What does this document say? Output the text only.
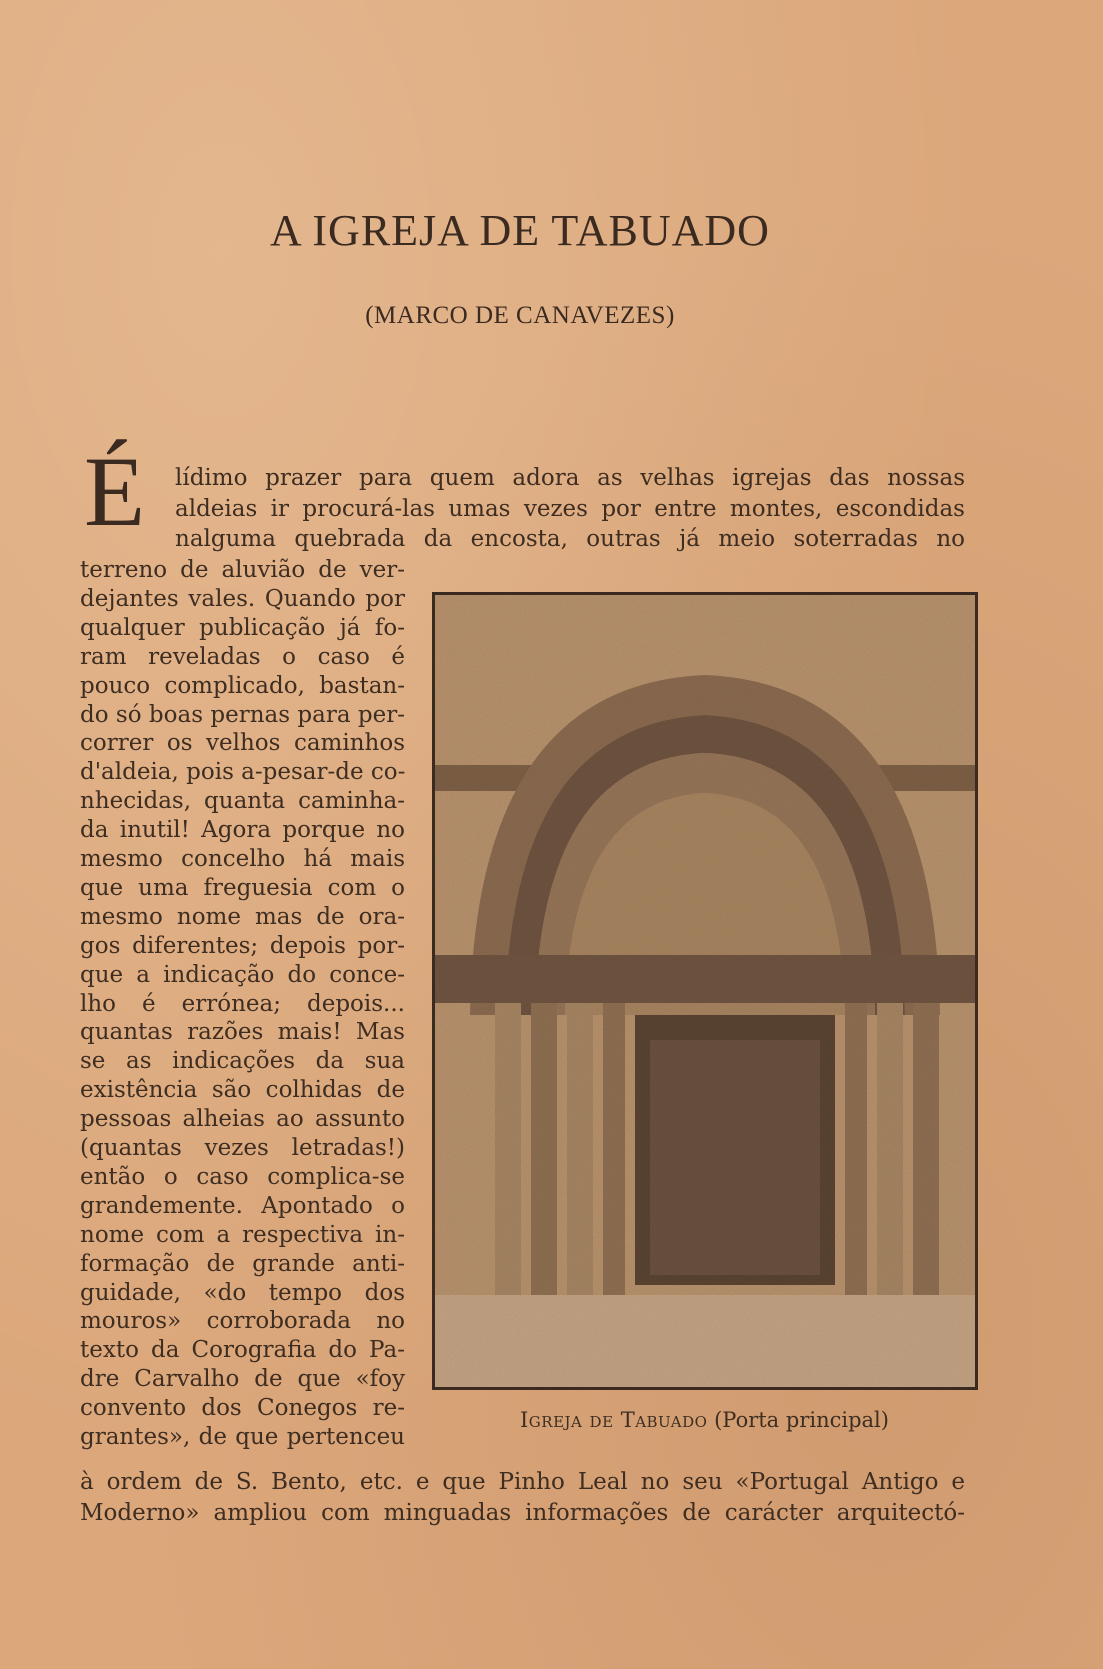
A IGREJA DE TABUADO
(MARCO DE CANAVEZES)
É lídimo prazer para quem adora as velhas igrejas das nossas
aldeias ir procurá-las umas vezes por entre montes, escondidas
nalguma quebrada da encosta, outras já meio soterradas no
terreno de aluvião de ver-
dejantes vales. Quando por
qualquer publicação já fo-
ram reveladas o caso é
pouco complicado, bastan-
do só boas pernas para per-
correr os velhos caminhos
d'aldeia, pois a-pesar-de co-
nhecidas, quanta caminha-
da inutil! Agora porque no
mesmo concelho há mais
que uma freguesia com o
mesmo nome mas de ora-
gos diferentes; depois por-
que a indicação do conce-
lho é errónea; depois...
quantas razões mais! Mas
se as indicações da sua
existência são colhidas de
pessoas alheias ao assunto
(quantas vezes letradas!)
então o caso complica-se
grandemente. Apontado o
nome com a respectiva in-
formação de grande anti-
guidade, «do tempo dos
mouros» corroborada no
texto da Corografia do Pa-
dre Carvalho de que «foy
convento dos Conegos re-
grantes», de que pertenceu
à ordem de S. Bento, etc. e que Pinho Leal no seu «Portugal Antigo e
Moderno» ampliou com minguadas informações de carácter arquitectó-
Igreja de Tabuado (Porta principal)
